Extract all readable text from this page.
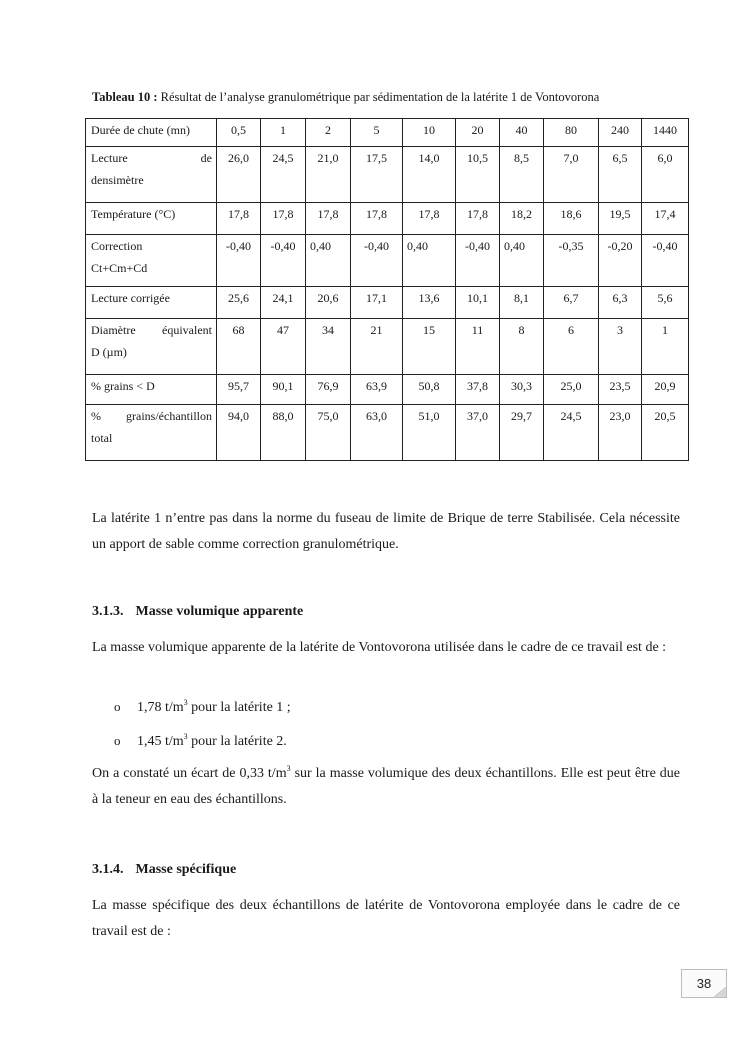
Tableau 10 : Résultat de l’analyse granulométrique par sédimentation de la latérite 1 de Vontovorona
Durée de chute (mn)	0,5	1	2	5	10	20	40	80	240	1440

Lecture de
densimètre	26,0	24,5	21,0	17,5	14,0	10,5	8,5	7,0	6,5	6,0
Température (°C)	17,8	17,8	17,8	17,8	17,8	17,8	18,2	18,6	19,5	17,4

Correction
Ct+Cm+Cd	-0,40	-0,40	0,40	-0,40	0,40	-0,40	0,40	-0,35	-0,20	-0,40
Lecture corrigée	25,6	24,1	20,6	17,1	13,6	10,1	8,1	6,7	6,3	5,6

Diamètre équivalent
D (µm)	68	47	34	21	15	11	8	6	3	1
% grains < D	95,7	90,1	76,9	63,9	50,8	37,8	30,3	25,0	23,5	20,9

% grains/échantillon
total	94,0	88,0	75,0	63,0	51,0	37,0	29,7	24,5	23,0	20,5

La latérite 1 n’entre pas dans la norme du fuseau de limite de Brique de terre Stabilisée. Cela nécessite un apport de sable comme correction granulométrique.

3.1.3. Masse volumique apparente

La masse volumique apparente de la latérite de Vontovorona utilisée dans le cadre de ce travail est de :

o 1,78 $t/m^3$ pour la latérite 1 ;
o 1,45 $t/m^3$ pour la latérite 2.

On a constaté un écart de 0,33 $t/m^3$ sur la masse volumique des deux échantillons. Elle est peut être due à la teneur en eau des échantillons.

3.1.4. Masse spécifique

La masse spécifique des deux échantillons de latérite de Vontovorona employée dans le cadre de ce travail est de :

38
